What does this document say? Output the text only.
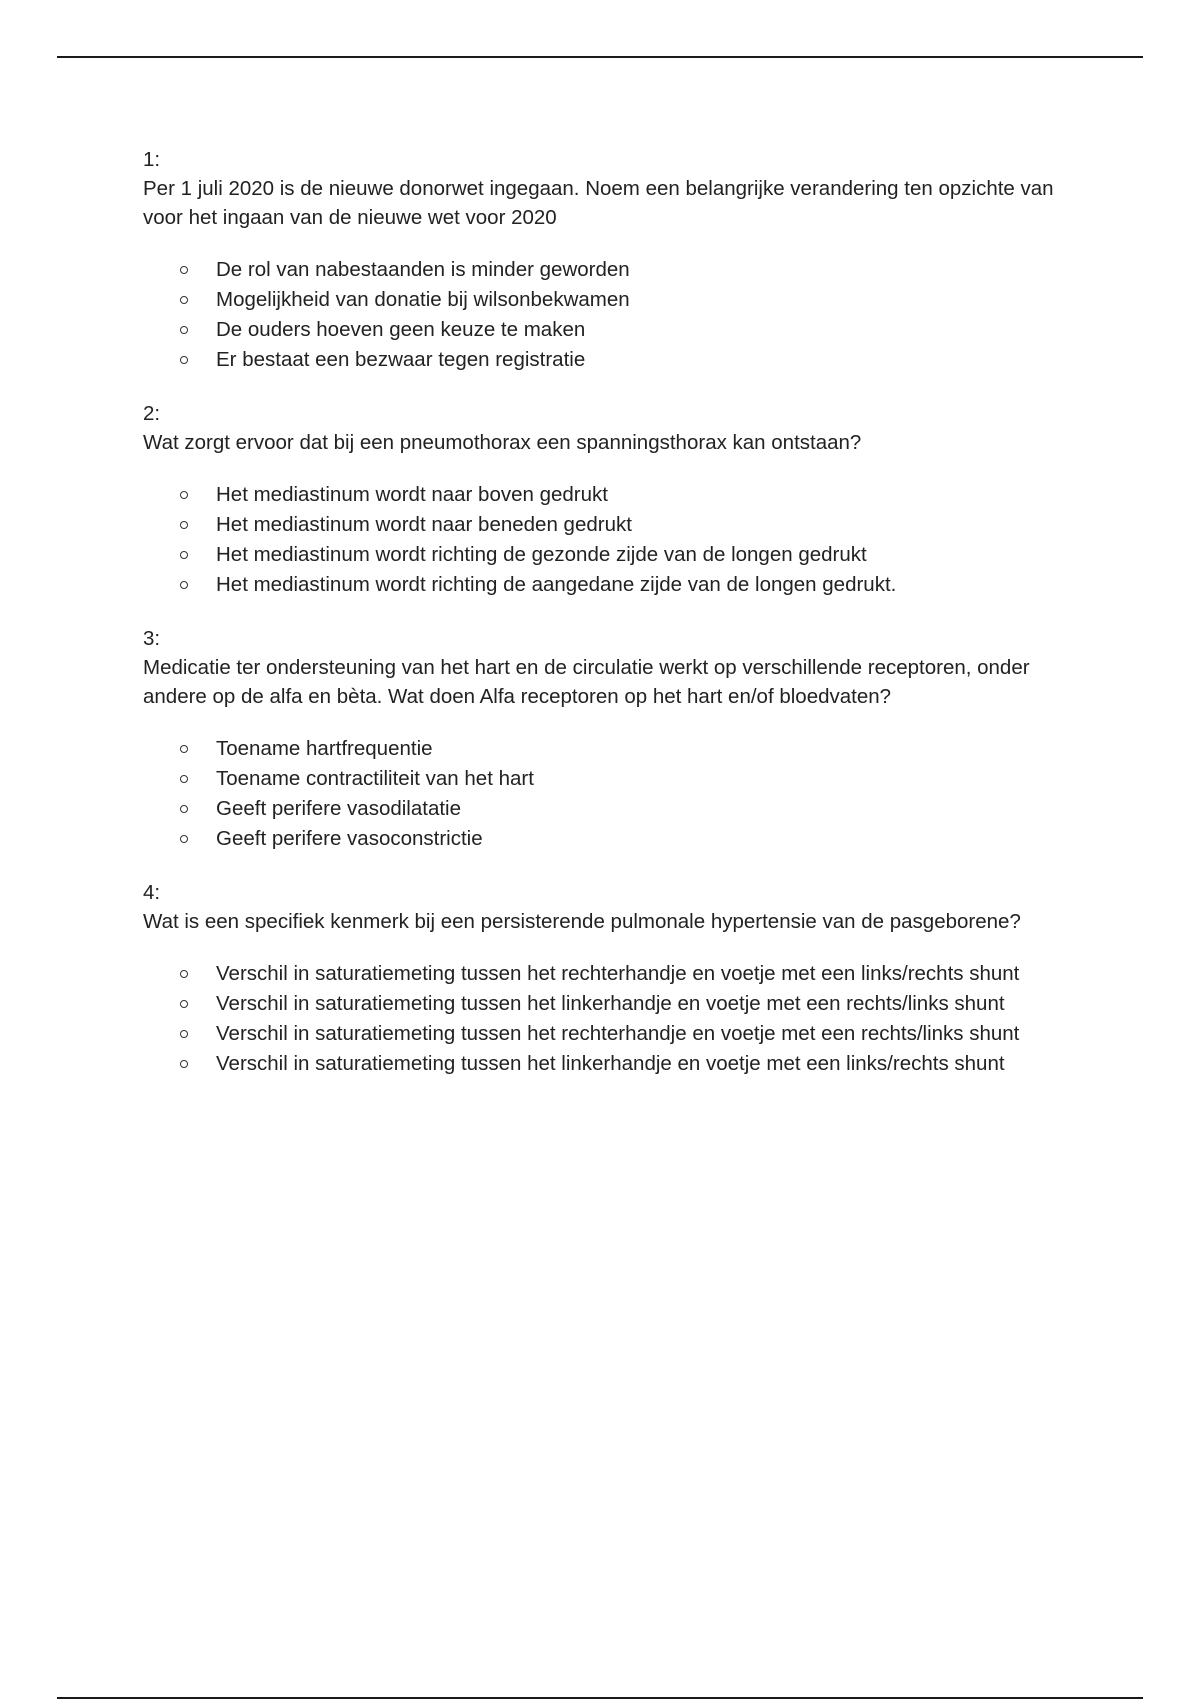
1:

Per 1 juli 2020 is de nieuwe donorwet ingegaan. Noem een belangrijke verandering ten opzichte van voor het ingaan van de nieuwe wet voor 2020

De rol van nabestaanden is minder geworden
Mogelijkheid van donatie bij wilsonbekwamen
De ouders hoeven geen keuze te maken
Er bestaat een bezwaar tegen registratie

2:

Wat zorgt ervoor dat bij een pneumothorax een spanningsthorax kan ontstaan?

Het mediastinum wordt naar boven gedrukt
Het mediastinum wordt naar beneden gedrukt
Het mediastinum wordt richting de gezonde zijde van de longen gedrukt
Het mediastinum wordt richting de aangedane zijde van de longen gedrukt.

3:

Medicatie ter ondersteuning van het hart en de circulatie werkt op verschillende receptoren, onder andere op de alfa en bèta. Wat doen Alfa receptoren op het hart en/of bloedvaten?

Toename hartfrequentie
Toename contractiliteit van het hart
Geeft perifere vasodilatatie
Geeft perifere vasoconstrictie

4:

Wat is een specifiek kenmerk bij een persisterende pulmonale hypertensie van de pasgeborene?

Verschil in saturatiemeting tussen het rechterhandje en voetje met een links/rechts shunt
Verschil in saturatiemeting tussen het linkerhandje en voetje met een rechts/links shunt
Verschil in saturatiemeting tussen het rechterhandje en voetje met een rechts/links shunt
Verschil in saturatiemeting tussen het linkerhandje en voetje met een links/rechts shunt
